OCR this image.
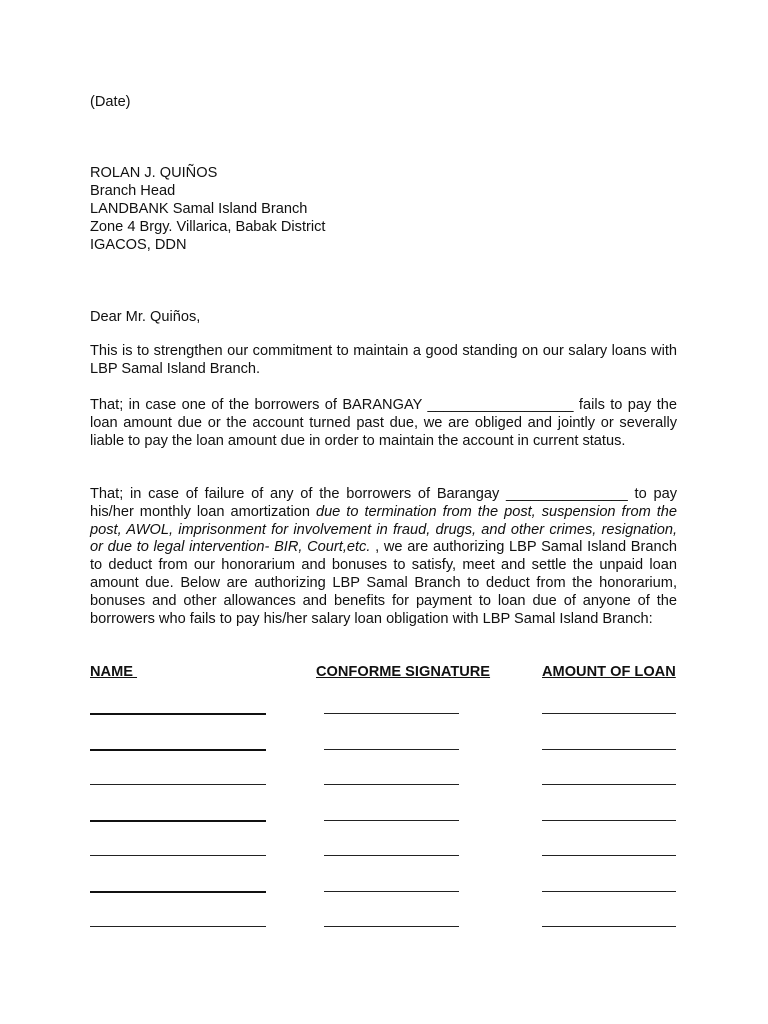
(Date)
ROLAN J. QUIÑOS
Branch Head
LANDBANK Samal Island Branch
Zone 4 Brgy. Villarica, Babak District
IGACOS, DDN
Dear Mr. Quiños,
This is to strengthen our commitment to maintain a good standing on our salary loans with LBP Samal Island Branch.
That; in case one of the borrowers of BARANGAY __________________ fails to pay the loan amount due or the account turned past due, we are obliged and jointly or severally liable to pay the loan amount due in order to maintain the account in current status.
That; in case of failure of any of the borrowers of Barangay _______________ to pay his/her monthly loan amortization due to termination from the post, suspension from the post, AWOL, imprisonment for involvement in fraud, drugs, and other crimes, resignation, or due to legal intervention- BIR, Court,etc. , we are authorizing LBP Samal Island Branch to deduct from our honorarium and bonuses to satisfy, meet and settle the unpaid loan amount due. Below are authorizing LBP Samal Branch to deduct from the honorarium, bonuses and other allowances and benefits for payment to loan due of anyone of the borrowers who fails to pay his/her salary loan obligation with LBP Samal Island Branch:
NAME	CONFORME SIGNATURE	AMOUNT OF LOAN
